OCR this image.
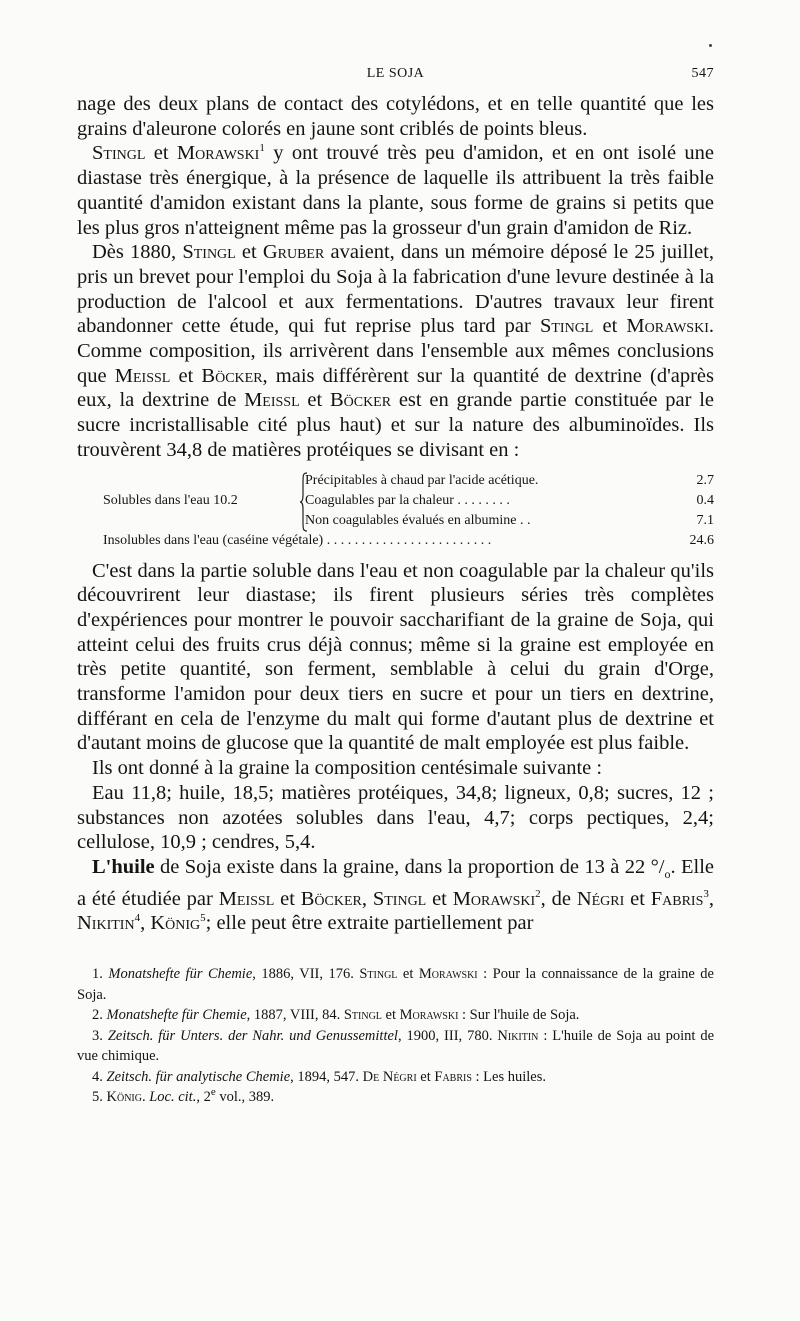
LE SOJA	547

nage des deux plans de contact des cotylédons, et en telle quantité que les grains d'aleurone colorés en jaune sont criblés de points bleus.

Stingl et Morawski$^1$ y ont trouvé très peu d'amidon, et en ont isolé une diastase très énergique, à la présence de laquelle ils attribuent la très faible quantité d'amidon existant dans la plante, sous forme de grains si petits que les plus gros n'atteignent même pas la grosseur d'un grain d'amidon de Riz.

Dès 1880, Stingl et Gruber avaient, dans un mémoire déposé le 25 juillet, pris un brevet pour l'emploi du Soja à la fabrication d'une levure destinée à la production de l'alcool et aux fermentations. D'autres travaux leur firent abandonner cette étude, qui fut reprise plus tard par Stingl et Morawski. Comme composition, ils arrivèrent dans l'ensemble aux mêmes conclusions que Meissl et Böcker, mais différèrent sur la quantité de dextrine (d'après eux, la dextrine de Meissl et Böcker est en grande partie constituée par le sucre incristallisable cité plus haut) et sur la nature des albuminoïdes. Ils trouvèrent 34,8 de matières protéiques se divisant en :

Solubles dans l'eau 10.2
Précipitables à chaud par l'acide acétique.	2.7
Coagulables par la chaleur . . . . . . . .	0.4
Non coagulables évalués en albumine . .	7.1
Insolubles dans l'eau (caséine végétale) . . . . . . . . . . . . . . . . . . . . . . . .	24.6

C'est dans la partie soluble dans l'eau et non coagulable par la chaleur qu'ils découvrirent leur diastase; ils firent plusieurs séries très complètes d'expériences pour montrer le pouvoir saccharifiant de la graine de Soja, qui atteint celui des fruits crus déjà connus; même si la graine est employée en très petite quantité, son ferment, semblable à celui du grain d'Orge, transforme l'amidon pour deux tiers en sucre et pour un tiers en dextrine, différant en cela de l'enzyme du malt qui forme d'autant plus de dextrine et d'autant moins de glucose que la quantité de malt employée est plus faible.

Ils ont donné à la graine la composition centésimale suivante :

Eau 11,8; huile, 18,5; matières protéiques, 34,8; ligneux, 0,8; sucres, 12 ; substances non azotées solubles dans l'eau, 4,7; corps pectiques, 2,4; cellulose, 10,9 ; cendres, 5,4.

L'huile de Soja existe dans la graine, dans la proportion de 13 à 22 $^\circ/_o$. Elle a été étudiée par Meissl et Böcker, Stingl et Morawski$^2$, de Négri et Fabris$^3$, Nikitin$^4$, König$^5$; elle peut être extraite partiellement par

1. Monatshefte für Chemie, 1886, VII, 176. Stingl et Morawski : Pour la connaissance de la graine de Soja.

2. Monatshefte für Chemie, 1887, VIII, 84. Stingl et Morawski : Sur l'huile de Soja.

3. Zeitsch. für Unters. der Nahr. und Genussemittel, 1900, III, 780. Nikitin : L'huile de Soja au point de vue chimique.

4. Zeitsch. für analytische Chemie, 1894, 547. De Négri et Fabris : Les huiles.

5. König. Loc. cit., 2e vol., 389.
